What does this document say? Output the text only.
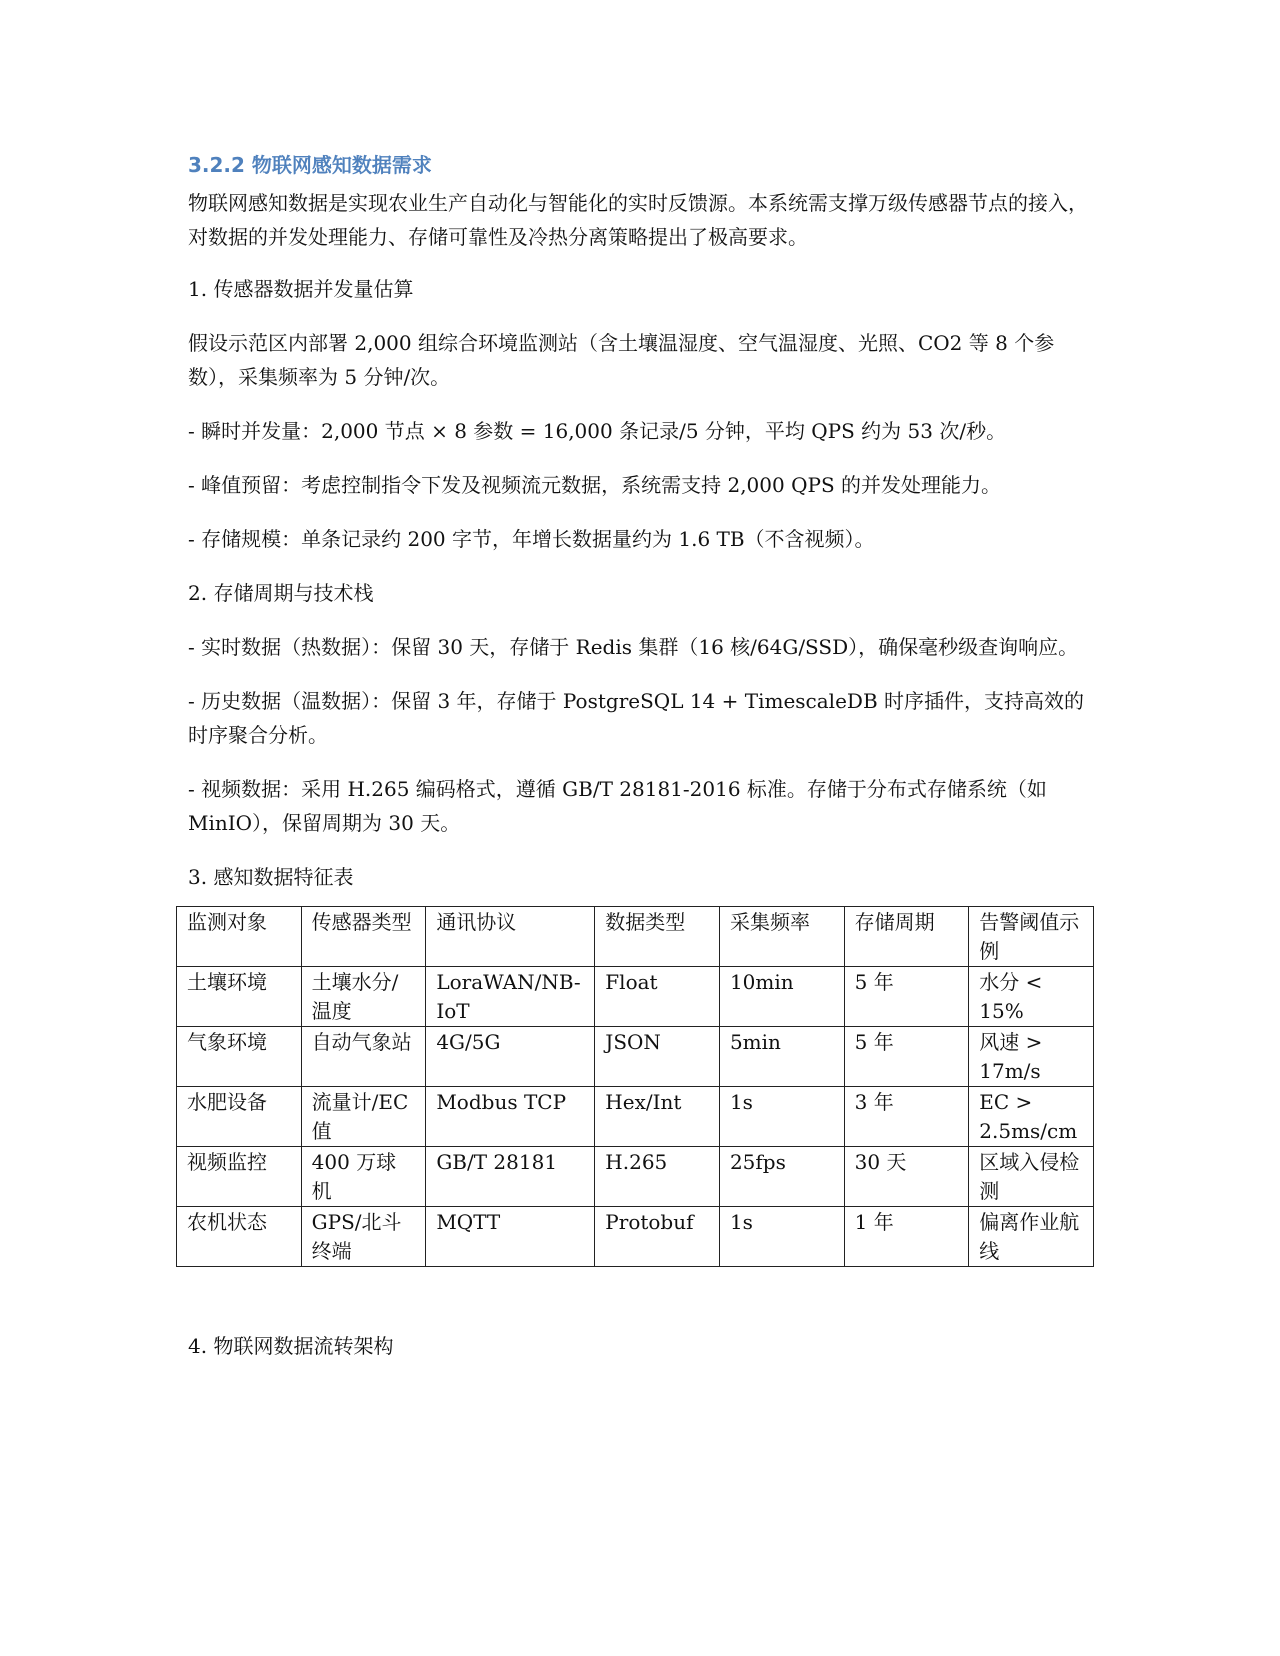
3.2.2 物联网感知数据需求

物联网感知数据是实现农业生产自动化与智能化的实时反馈源。本系统需支撑万级传感器节点的接入，对数据的并发处理能力、存储可靠性及冷热分离策略提出了极高要求。

1. 传感器数据并发量估算

假设示范区内部署 2,000 组综合环境监测站（含土壤温湿度、空气温湿度、光照、CO2 等 8 个参数），采集频率为 5 分钟/次。

- 瞬时并发量：2,000 节点 × 8 参数 = 16,000 条记录/5 分钟，平均 QPS 约为 53 次/秒。

- 峰值预留：考虑控制指令下发及视频流元数据，系统需支持 2,000 QPS 的并发处理能力。

- 存储规模：单条记录约 200 字节，年增长数据量约为 1.6 TB（不含视频）。

2. 存储周期与技术栈

- 实时数据（热数据）：保留 30 天，存储于 Redis 集群（16 核/64G/SSD），确保毫秒级查询响应。

- 历史数据（温数据）：保留 3 年，存储于 PostgreSQL 14 + TimescaleDB 时序插件，支持高效的时序聚合分析。

- 视频数据：采用 H.265 编码格式，遵循 GB/T 28181-2016 标准。存储于分布式存储系统（如 MinIO），保留周期为 30 天。

3. 感知数据特征表

监测对象	传感器类型	通讯协议	数据类型	采集频率	存储周期	告警阈值示例
土壤环境	土壤水分/温度	LoraWAN/NB-IoT	Float	10min	5 年	水分 < 15%
气象环境	自动气象站	4G/5G	JSON	5min	5 年	风速 > 17m/s
水肥设备	流量计/EC 值	Modbus TCP	Hex/Int	1s	3 年	EC > 2.5ms/cm
视频监控	400 万球机	GB/T 28181	H.265	25fps	30 天	区域入侵检测
农机状态	GPS/北斗终端	MQTT	Protobuf	1s	1 年	偏离作业航线

4. 物联网数据流转架构
